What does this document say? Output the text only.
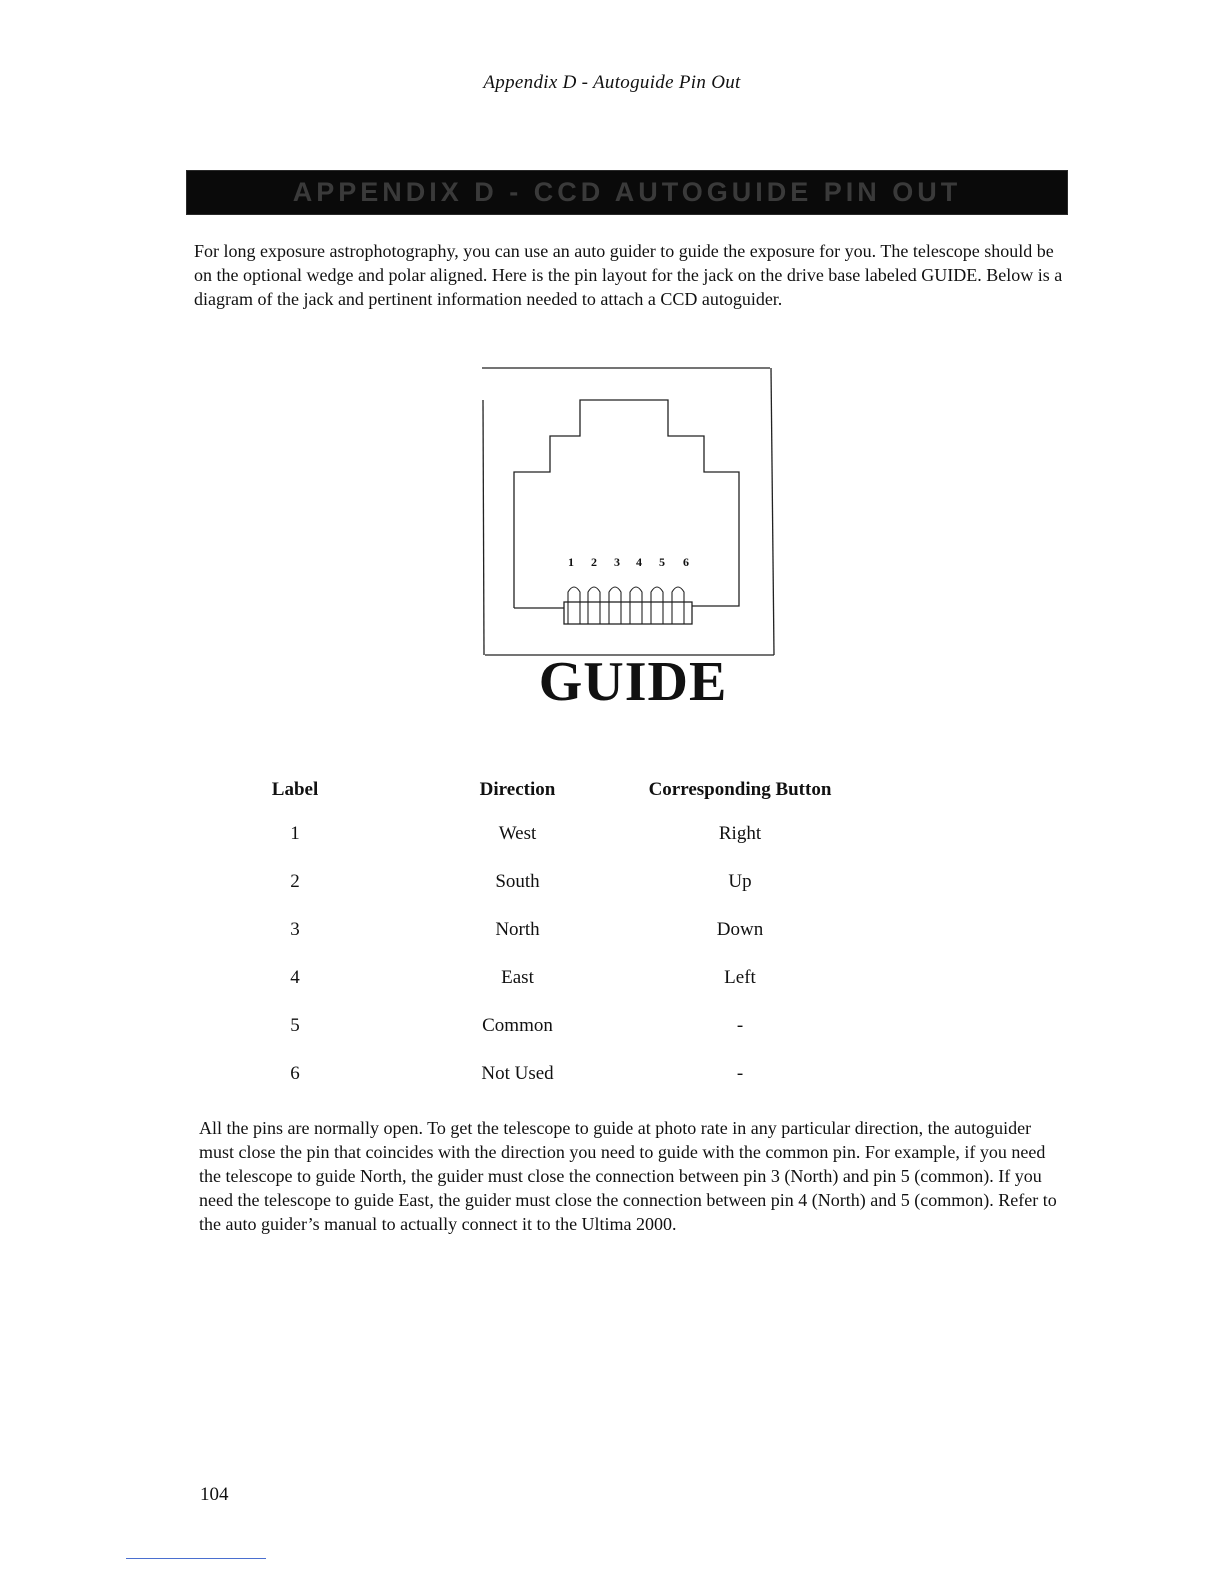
Appendix D - Autoguide Pin Out
APPENDIX D - CCD AUTOGUIDE PIN OUT
For long exposure astrophotography, you can use an auto guider to guide the exposure for you. The telescope should be on the optional wedge and polar aligned. Here is the pin layout for the jack on the drive base labeled GUIDE. Below is a diagram of the jack and pertinent information needed to attach a CCD autoguider.
1 2 3 4 5 6
GUIDE
Label	Direction	Corresponding Button
1	West	Right
2	South	Up
3	North	Down
4	East	Left
5	Common	-
6	Not Used	-
All the pins are normally open. To get the telescope to guide at photo rate in any particular direction, the autoguider must close the pin that coincides with the direction you need to guide with the common pin. For example, if you need the telescope to guide North, the guider must close the connection between pin 3 (North) and pin 5 (common). If you need the telescope to guide East, the guider must close the connection between pin 4 (North) and 5 (common). Refer to the auto guider’s manual to actually connect it to the Ultima 2000.
104
